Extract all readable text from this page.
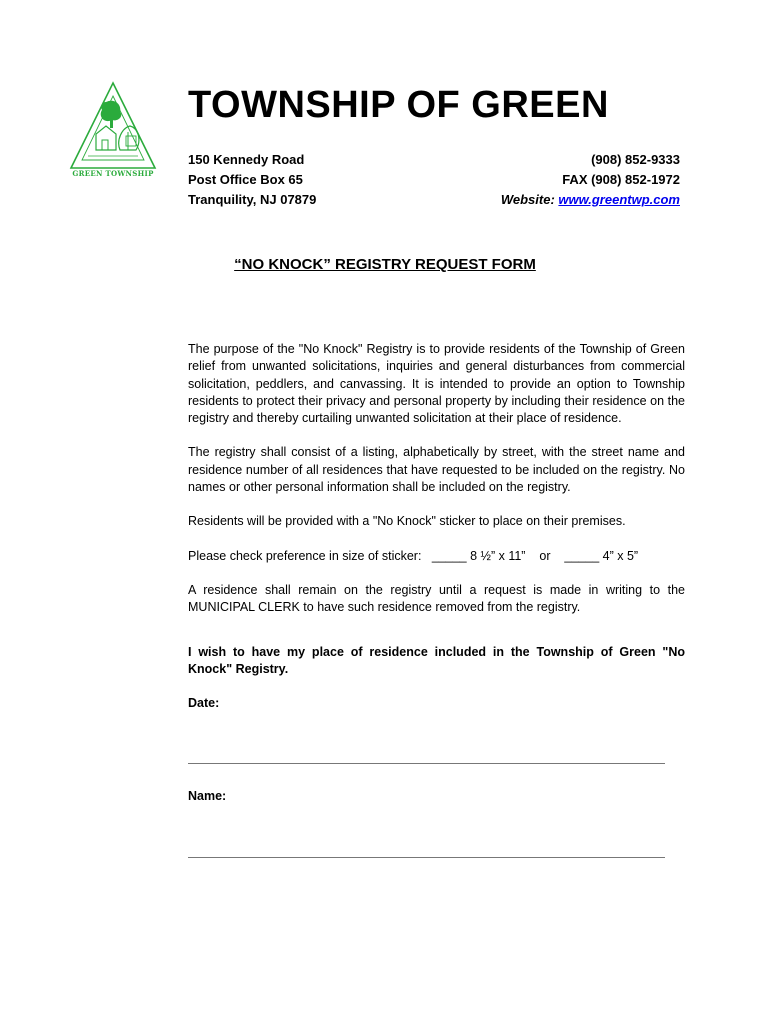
GREEN TOWNSHIP
TOWNSHIP OF GREEN
150 Kennedy Road
Post Office Box 65
Tranquility, NJ 07879
(908) 852-9333
FAX (908) 852-1972
Website: www.greentwp.com
“NO KNOCK” REGISTRY REQUEST FORM

The purpose of the "No Knock" Registry is to provide residents of the Township of Green relief from unwanted solicitations, inquiries and general disturbances from commercial solicitation, peddlers, and canvassing. It is intended to provide an option to Township residents to protect their privacy and personal property by including their residence on the registry and thereby curtailing unwanted solicitation at their place of residence.

The registry shall consist of a listing, alphabetically by street, with the street name and residence number of all residences that have requested to be included on the registry. No names or other personal information shall be included on the registry.

Residents will be provided with a "No Knock" sticker to place on their premises.

Please check preference in size of sticker: _____ 8 ½” x 11” or _____ 4” x 5”

A residence shall remain on the registry until a request is made in writing to the MUNICIPAL CLERK to have such residence removed from the registry.

I wish to have my place of residence included in the Township of Green "No Knock" Registry.

Date:

Name:
